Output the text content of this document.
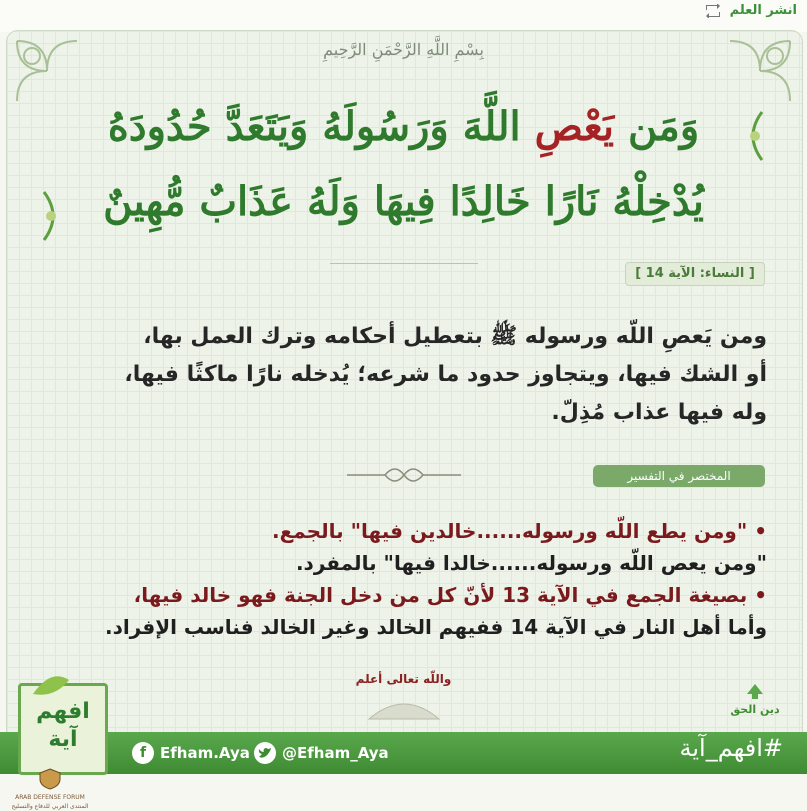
انشر العلم
بِسْمِ اللَّهِ الرَّحْمَنِ الرَّحِيمِ
وَمَن يَعْصِ اللَّهَ وَرَسُولَهُ وَيَتَعَدَّ حُدُودَهُ
يُدْخِلْهُ نَارًا خَالِدًا فِيهَا وَلَهُ عَذَابٌ مُّهِينٌ
[ النساء: الآية 14 ]

ومن يَعصِ اللّه ورسوله ﷺ بتعطيل أحكامه وترك العمل بها،

أو الشك فيها، ويتجاوز حدود ما شرعه؛ يُدخله نارًا ماكثًا فيها،

وله فيها عذاب مُذِلّ.

المختصر في التفسير

• "ومن يطع اللّه ورسوله......خالدين فيها" بالجمع.

"ومن يعص اللّه ورسوله......خالدا فيها" بالمفرد.

• بصيغة الجمع في الآية 13 لأنّ كل من دخل الجنة فهو خالد فيها،

وأما أهل النار في الآية 14 ففيهم الخالد وغير الخالد فناسب الإفراد.

واللّه تعالى أعلم
دين الحق
f Efham.Aya @Efham_Aya	#افهم_آية
افهم
آية
ARAB DEFENSE FORUM
المنتدى العربي للدفاع والتسليح
